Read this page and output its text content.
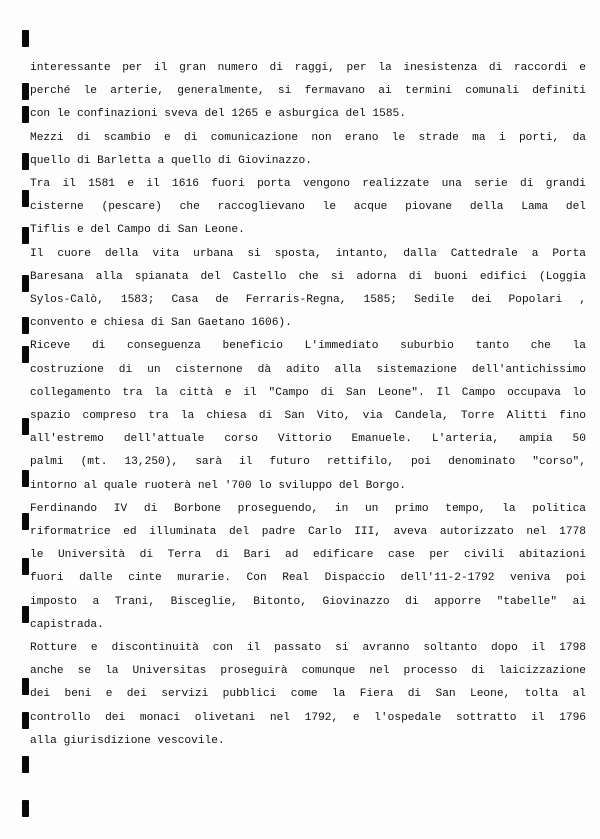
interessante per il gran numero di raggi, per la inesistenza di raccordi e
perché le arterie, generalmente, si fermavano ai termini comunali definiti
con le confinazioni sveva del 1265 e asburgica del 1585.

Mezzi di scambio e di comunicazione non erano le strade ma i porti, da
quello di Barletta a quello di Giovinazzo.

Tra il 1581 e il 1616 fuori porta vengono realizzate una serie di grandi
cisterne (pescare) che raccoglievano le acque piovane della Lama del
Tiflis e del Campo di San Leone.

Il cuore della vita urbana si sposta, intanto, dalla Cattedrale a Porta
Baresana alla spianata del Castello che si adorna di buoni edifici (Loggia
Sylos-Calò, 1583; Casa de Ferraris-Regna, 1585; Sedile dei Popolari ,
convento e chiesa di San Gaetano 1606).

Riceve di conseguenza beneficio L'immediato suburbio tanto che la
costruzione di un cisternone dà adito alla sistemazione dell'antichissimo
collegamento tra la città e il "Campo di San Leone". Il Campo occupava lo
spazio compreso tra la chiesa di San Vito, via Candela, Torre Alitti fino
all'estremo dell'attuale corso Vittorio Emanuele. L'arteria, ampia 50
palmi (mt. 13,250), sarà il futuro rettifilo, poi denominato "corso",
intorno al quale ruoterà nel '700 lo sviluppo del Borgo.

Ferdinando IV di Borbone proseguendo, in un primo tempo, la politica
riformatrice ed illuminata del padre Carlo III, aveva autorizzato nel 1778
le Università di Terra di Bari ad edificare case per civili abitazioni
fuori dalle cinte murarie. Con Real Dispaccio dell'11-2-1792 veniva poi
imposto a Trani, Bisceglie, Bitonto, Giovinazzo di apporre "tabelle" ai
capistrada.

Rotture e discontinuità con il passato si avranno soltanto dopo il 1798
anche se la Universitas proseguirà comunque nel processo di laicizzazione
dei beni e dei servizi pubblici come la Fiera di San Leone, tolta al
controllo dei monaci olivetani nel 1792, e l'ospedale sottratto il 1796
alla giurisdizione vescovile.
